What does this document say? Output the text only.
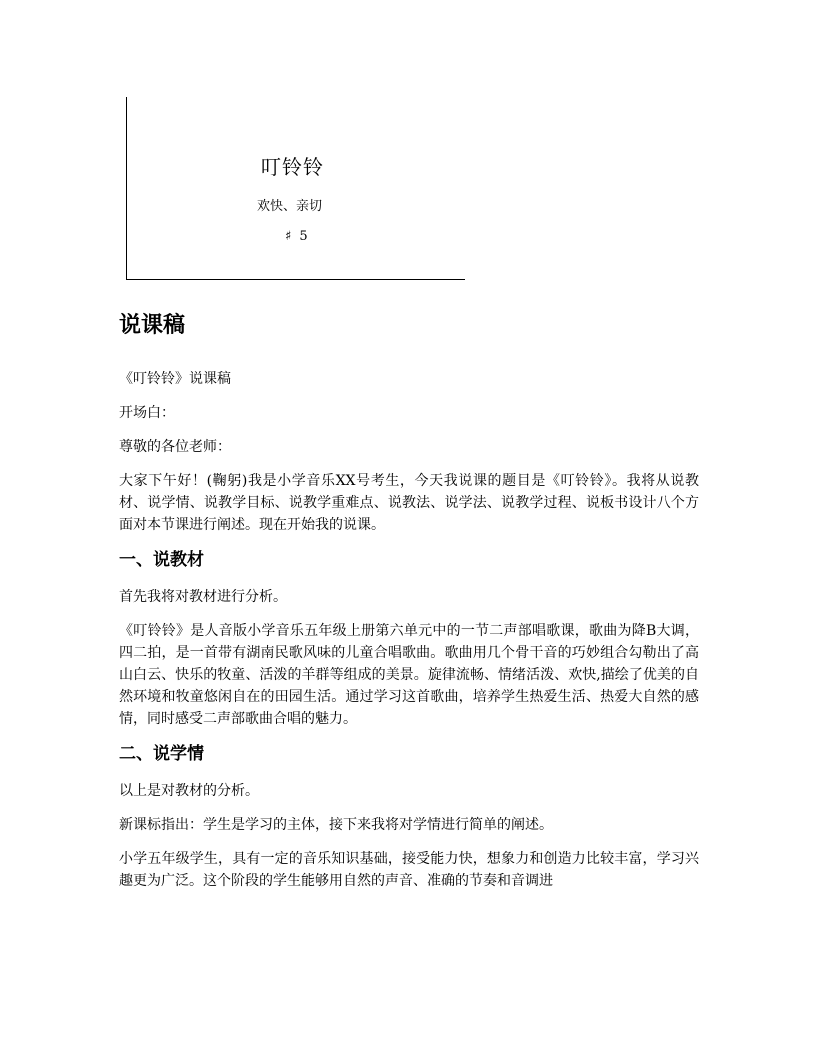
叮铃铃
欢快、亲切
♯ 5
说课稿

《叮铃铃》说课稿

开场白：

尊敬的各位老师：

大家下午好！(鞠躬)我是小学音乐XX号考生，今天我说课的题目是《叮铃铃》。我将从说教材、说学情、说教学目标、说教学重难点、说教法、说学法、说教学过程、说板书设计八个方面对本节课进行阐述。现在开始我的说课。

一、说教材

首先我将对教材进行分析。

《叮铃铃》是人音版小学音乐五年级上册第六单元中的一节二声部唱歌课，歌曲为降B大调，四二拍，是一首带有湖南民歌风味的儿童合唱歌曲。歌曲用几个骨干音的巧妙组合勾勒出了高山白云、快乐的牧童、活泼的羊群等组成的美景。旋律流畅、情绪活泼、欢快,描绘了优美的自然环境和牧童悠闲自在的田园生活。通过学习这首歌曲，培养学生热爱生活、热爱大自然的感情，同时感受二声部歌曲合唱的魅力。

二、说学情

以上是对教材的分析。

新课标指出：学生是学习的主体，接下来我将对学情进行简单的阐述。

小学五年级学生，具有一定的音乐知识基础，接受能力快，想象力和创造力比较丰富，学习兴趣更为广泛。这个阶段的学生能够用自然的声音、准确的节奏和音调进
